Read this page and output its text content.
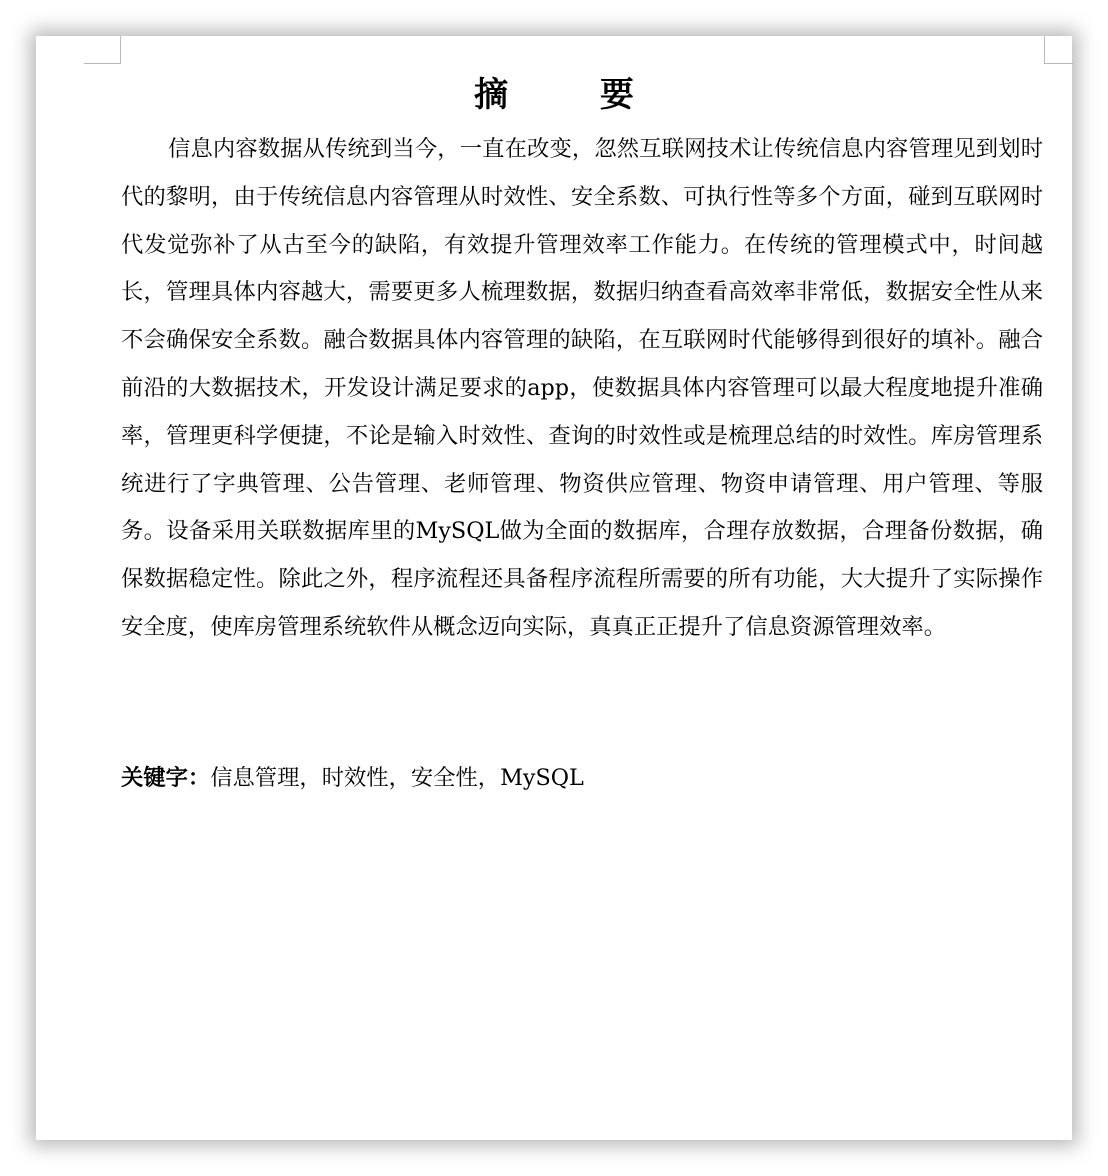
摘 要

信息内容数据从传统到当今，一直在改变，忽然互联网技术让传统信息内容管理见到划时代的黎明，由于传统信息内容管理从时效性、安全系数、可执行性等多个方面，碰到互联网时代发觉弥补了从古至今的缺陷，有效提升管理效率工作能力。在传统的管理模式中，时间越长，管理具体内容越大，需要更多人梳理数据，数据归纳查看高效率非常低，数据安全性从来不会确保安全系数。融合数据具体内容管理的缺陷，在互联网时代能够得到很好的填补。融合前沿的大数据技术，开发设计满足要求的app，使数据具体内容管理可以最大程度地提升准确率，管理更科学便捷，不论是输入时效性、查询的时效性或是梳理总结的时效性。库房管理系统进行了字典管理、公告管理、老师管理、物资供应管理、物资申请管理、用户管理、等服务。设备采用关联数据库里的MySQL做为全面的数据库，合理存放数据，合理备份数据，确保数据稳定性。除此之外，程序流程还具备程序流程所需要的所有功能，大大提升了实际操作安全度，使库房管理系统软件从概念迈向实际，真真正正提升了信息资源管理效率。

关键字：信息管理，时效性，安全性，MySQL
